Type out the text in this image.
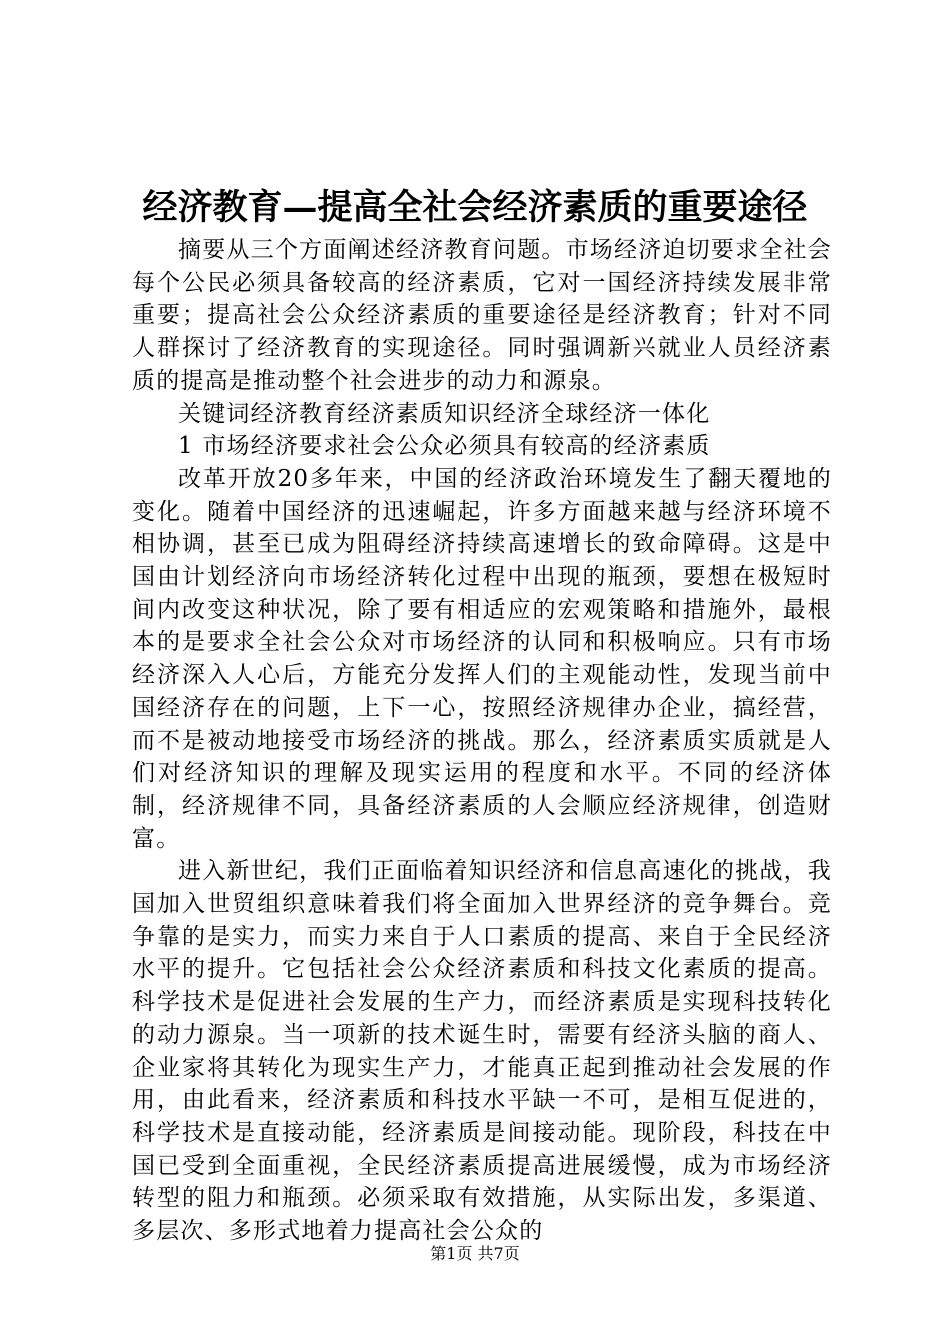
经济教育—提高全社会经济素质的重要途径

摘要从三个方面阐述经济教育问题。市场经济迫切要求全社会每个公民必须具备较高的经济素质，它对一国经济持续发展非常重要；提高社会公众经济素质的重要途径是经济教育；针对不同人群探讨了经济教育的实现途径。同时强调新兴就业人员经济素质的提高是推动整个社会进步的动力和源泉。

关键词经济教育经济素质知识经济全球经济一体化

1 市场经济要求社会公众必须具有较高的经济素质

改革开放20多年来，中国的经济政治环境发生了翻天覆地的变化。随着中国经济的迅速崛起，许多方面越来越与经济环境不相协调，甚至已成为阻碍经济持续高速增长的致命障碍。这是中国由计划经济向市场经济转化过程中出现的瓶颈，要想在极短时间内改变这种状况，除了要有相适应的宏观策略和措施外，最根本的是要求全社会公众对市场经济的认同和积极响应。只有市场经济深入人心后，方能充分发挥人们的主观能动性，发现当前中国经济存在的问题，上下一心，按照经济规律办企业，搞经营，而不是被动地接受市场经济的挑战。那么，经济素质实质就是人们对经济知识的理解及现实运用的程度和水平。不同的经济体制，经济规律不同，具备经济素质的人会顺应经济规律，创造财富。

进入新世纪，我们正面临着知识经济和信息高速化的挑战，我国加入世贸组织意味着我们将全面加入世界经济的竞争舞台。竞争靠的是实力，而实力来自于人口素质的提高、来自于全民经济水平的提升。它包括社会公众经济素质和科技文化素质的提高。科学技术是促进社会发展的生产力，而经济素质是实现科技转化的动力源泉。当一项新的技术诞生时，需要有经济头脑的商人、企业家将其转化为现实生产力，才能真正起到推动社会发展的作用，由此看来，经济素质和科技水平缺一不可，是相互促进的，科学技术是直接动能，经济素质是间接动能。现阶段，科技在中国已受到全面重视，全民经济素质提高进展缓慢，成为市场经济转型的阻力和瓶颈。必须采取有效措施，从实际出发，多渠道、多层次、多形式地着力提高社会公众的

第1页 共7页
